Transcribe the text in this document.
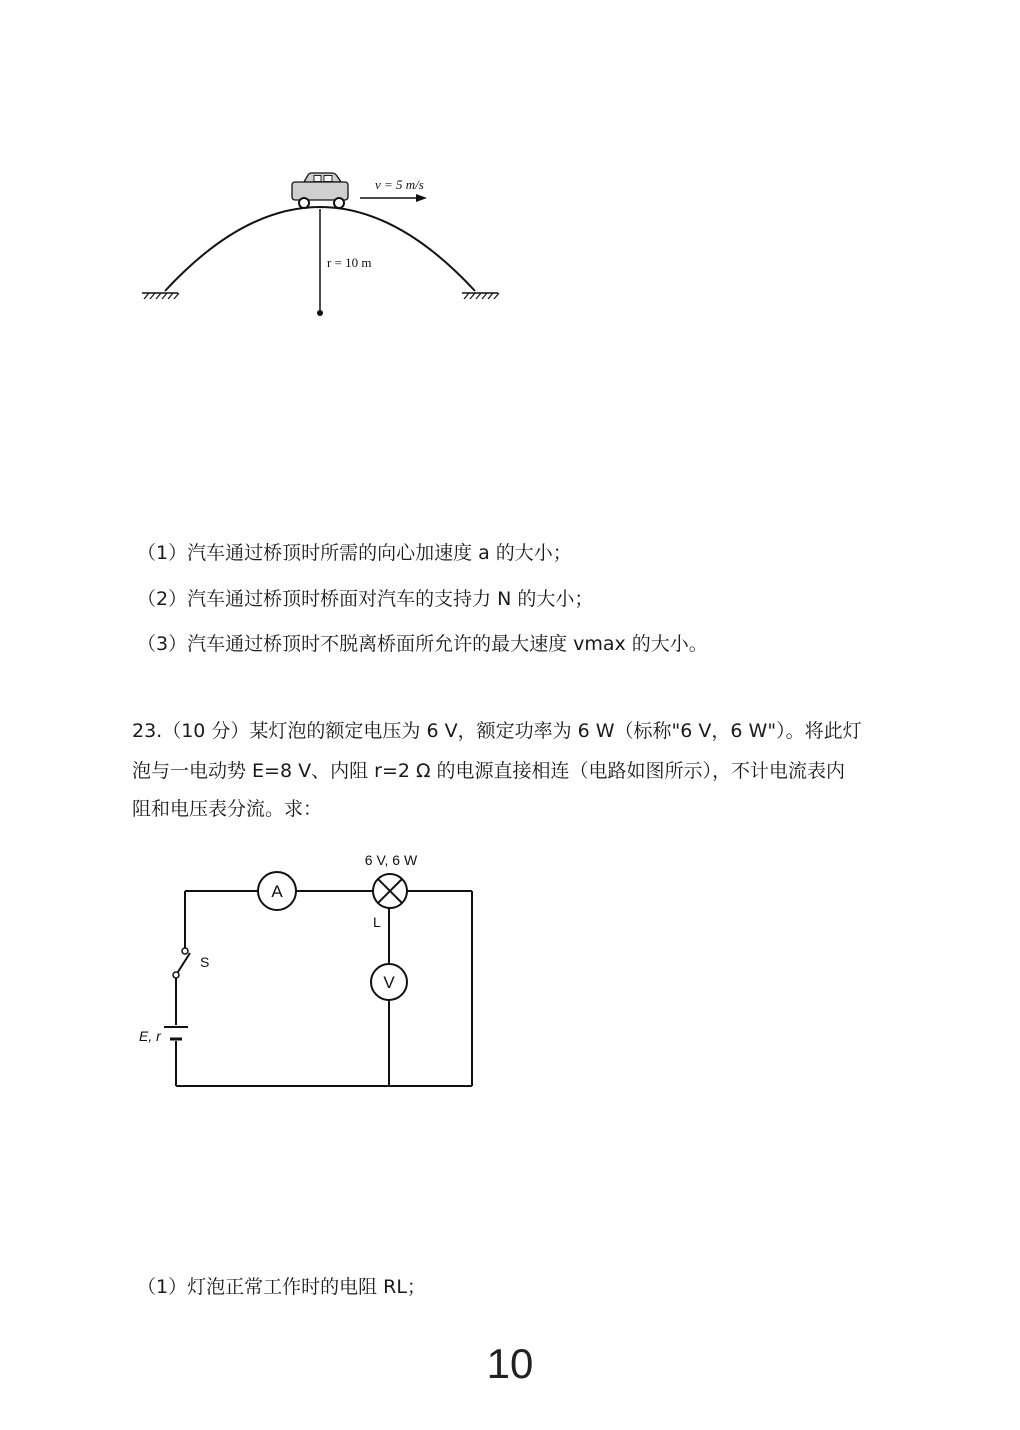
v = 5 m/s
r = 10 m
（1）汽车通过桥顶时所需的向心加速度 a 的大小；
（2）汽车通过桥顶时桥面对汽车的支持力 N 的大小；
（3）汽车通过桥顶时不脱离桥面所允许的最大速度 vmax 的大小。
23.（10 分）某灯泡的额定电压为 6 V，额定功率为 6 W（标称"6 V，6 W"）。将此灯
泡与一电动势 E=8 V、内阻 r=2 Ω 的电源直接相连（电路如图所示），不计电流表内
阻和电压表分流。求：
A
V
6 V, 6 W
L
S
E, r
（1）灯泡正常工作时的电阻 RL；
10
